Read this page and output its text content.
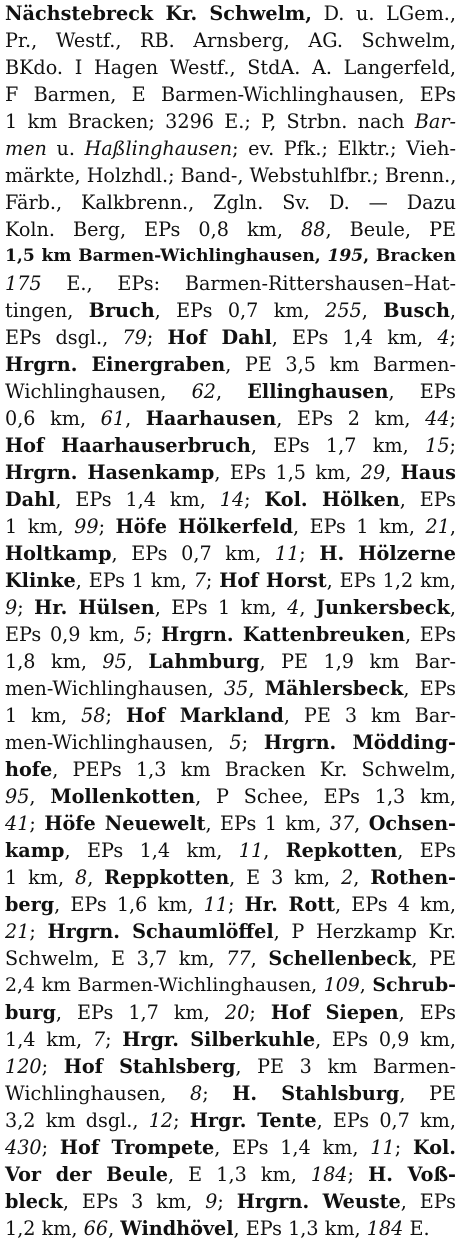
Nächstebreck Kr. Schwelm, D. u. LGem.,
Pr., Westf., RB. Arnsberg, AG. Schwelm,
BKdo. I Hagen Westf., StdA. A. Langerfeld,
F Barmen, E Barmen-Wichlinghausen, EPs
1 km Bracken; 3296 E.; P, Strbn. nach Bar-
men u. Haßlinghausen; ev. Pfk.; Elktr.; Vieh-
märkte, Holzhdl.; Band-, Webstuhlfbr.; Brenn.,
Färb., Kalkbrenn., Zgln. Sv. D. — Dazu
Koln. Berg, EPs 0,8 km, 88, Beule, PE
1,5 km Barmen-Wichlinghausen, 195, Bracken
175 E., EPs: Barmen-Rittershausen–Hat-
tingen, Bruch, EPs 0,7 km, 255, Busch,
EPs dsgl., 79; Hof Dahl, EPs 1,4 km, 4;
Hrgrn. Einergraben, PE 3,5 km Barmen-
Wichlinghausen, 62, Ellinghausen, EPs
0,6 km, 61, Haarhausen, EPs 2 km, 44;
Hof Haarhauserbruch, EPs 1,7 km, 15;
Hrgrn. Hasenkamp, EPs 1,5 km, 29, Haus
Dahl, EPs 1,4 km, 14; Kol. Hölken, EPs
1 km, 99; Höfe Hölkerfeld, EPs 1 km, 21,
Holtkamp, EPs 0,7 km, 11; H. Hölzerne
Klinke, EPs 1 km, 7; Hof Horst, EPs 1,2 km,
9; Hr. Hülsen, EPs 1 km, 4, Junkersbeck,
EPs 0,9 km, 5; Hrgrn. Kattenbreuken, EPs
1,8 km, 95, Lahmburg, PE 1,9 km Bar-
men-Wichlinghausen, 35, Mählersbeck, EPs
1 km, 58; Hof Markland, PE 3 km Bar-
men-Wichlinghausen, 5; Hrgrn. Mödding-
hofe, PEPs 1,3 km Bracken Kr. Schwelm,
95, Mollenkotten, P Schee, EPs 1,3 km,
41; Höfe Neuewelt, EPs 1 km, 37, Ochsen-
kamp, EPs 1,4 km, 11, Repkotten, EPs
1 km, 8, Reppkotten, E 3 km, 2, Rothen-
berg, EPs 1,6 km, 11; Hr. Rott, EPs 4 km,
21; Hrgrn. Schaumlöffel, P Herzkamp Kr.
Schwelm, E 3,7 km, 77, Schellenbeck, PE
2,4 km Barmen-Wichlinghausen, 109, Schrub-
burg, EPs 1,7 km, 20; Hof Siepen, EPs
1,4 km, 7; Hrgr. Silberkuhle, EPs 0,9 km,
120; Hof Stahlsberg, PE 3 km Barmen-
Wichlinghausen, 8; H. Stahlsburg, PE
3,2 km dsgl., 12; Hrgr. Tente, EPs 0,7 km,
430; Hof Trompete, EPs 1,4 km, 11; Kol.
Vor der Beule, E 1,3 km, 184; H. Voß-
bleck, EPs 3 km, 9; Hrgrn. Weuste, EPs
1,2 km, 66, Windhövel, EPs 1,3 km, 184 E.
